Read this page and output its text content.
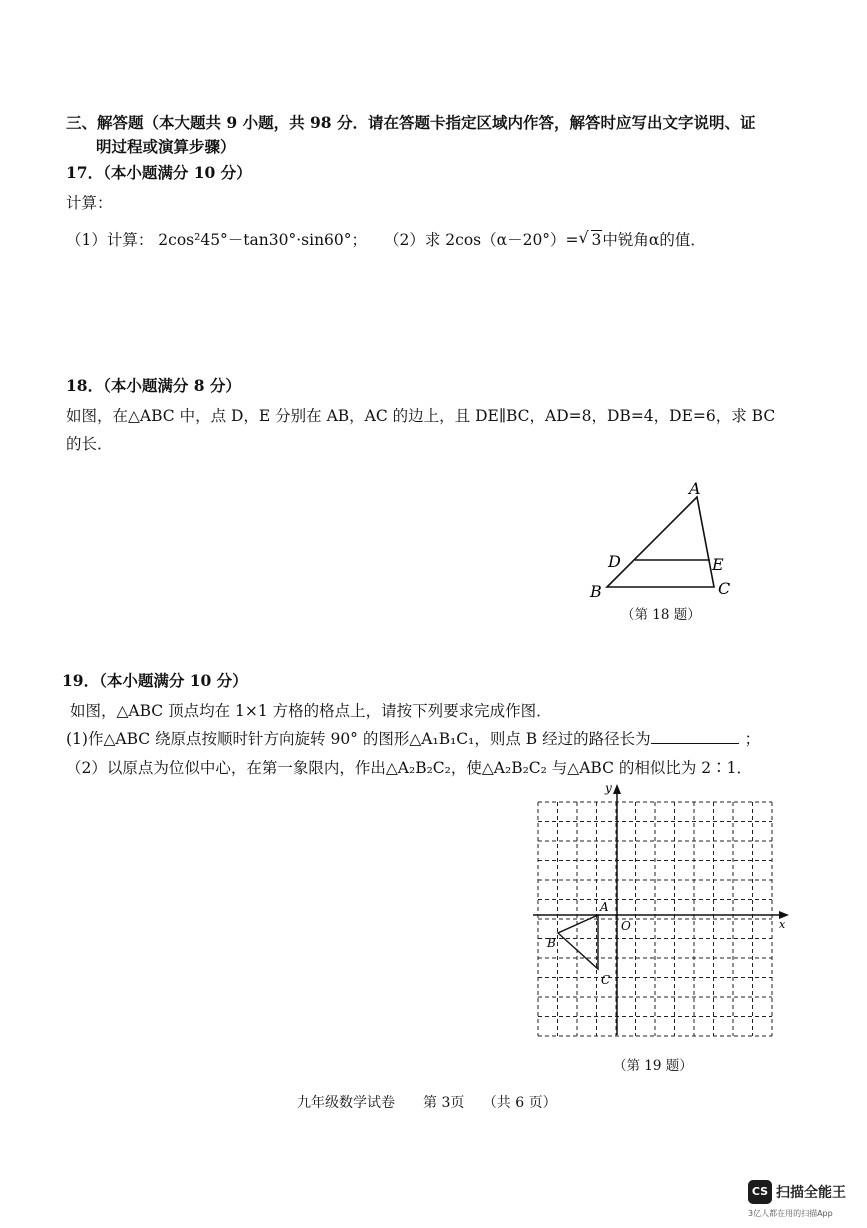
三、解答题（本大题共 9 小题，共 98 分．请在答题卡指定区域内作答，解答时应写出文字说明、证
明过程或演算步骤）
17．（本小题满分 10 分）
计算：
（1）计算： 2cos²45°－tan30°·sin60°； （2）求 2cos（α－20°）= √ 3中锐角α的值．
18．（本小题满分 8 分）
如图，在△ABC 中，点 D，E 分别在 AB，AC 的边上，且 DE∥BC，AD=8，DB=4，DE=6，求 BC
的长．
A
B	C
D	E
（第 18 题）
19．（本小题满分 10 分）
如图，△ABC 顶点均在 1×1 方格的格点上，请按下列要求完成作图．
(1)作△ABC 绕原点按顺时针方向旋转 90° 的图形△A₁B₁C₁，则点 B 经过的路径长为	；
（2）以原点为位似中心，在第一象限内，作出△A₂B₂C₂，使△A₂B₂C₂ 与△ABC 的相似比为 2∶1．
x
y
A
B
C
O
（第 19 题）
九年级数学试卷　　第 3页　 （共 6 页）
CS 扫描全能王
3亿人都在用的扫描App
